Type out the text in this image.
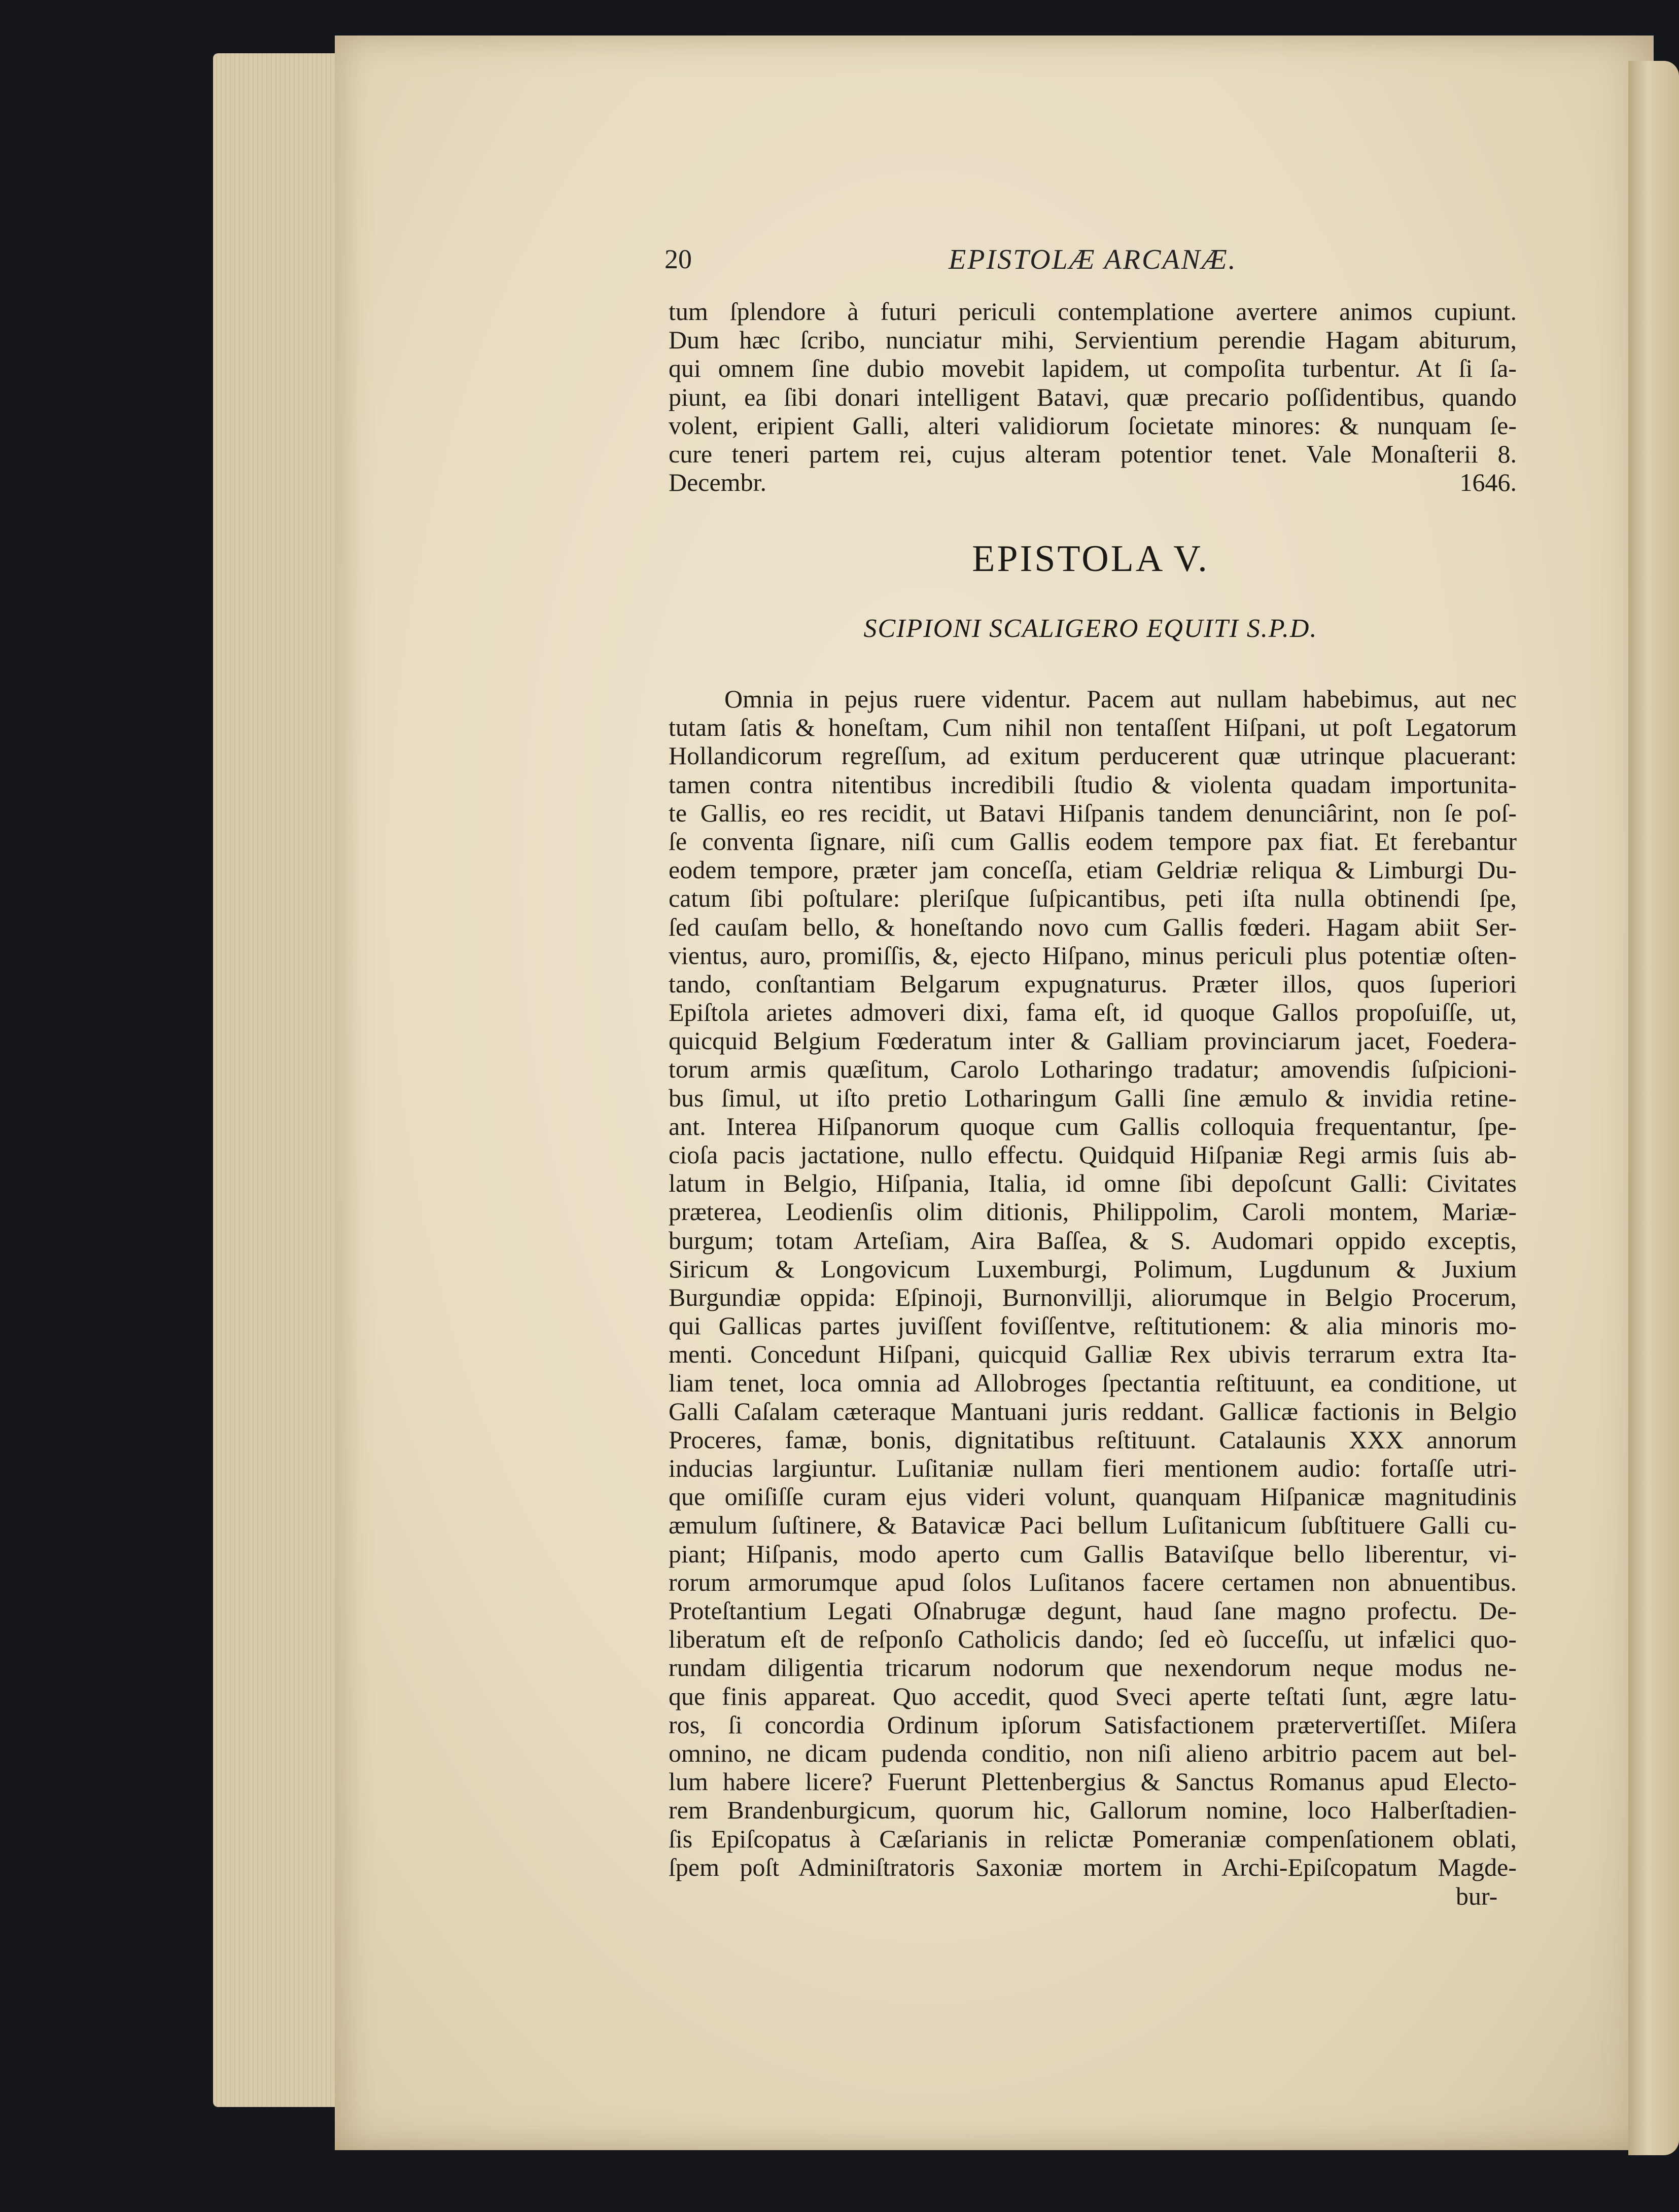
20	EPISTOLÆ ARCANÆ.
tum ſplendore à futuri periculi contemplatione avertere animos cupiunt.
Dum hæc ſcribo, nunciatur mihi, Servientium perendie Hagam abiturum,
qui omnem ſine dubio movebit lapidem, ut compoſita turbentur. At ſi ſa-
piunt, ea ſibi donari intelligent Batavi, quæ precario poſſidentibus, quando
volent, eripient Galli, alteri validiorum ſocietate minores: & nunquam ſe-
cure teneri partem rei, cujus alteram potentior tenet. Vale Monaſterii 8.
Decembr. 1646.
EPISTOLA V.
SCIPIONI SCALIGERO EQUITI S.P.D.
Omnia in pejus ruere videntur. Pacem aut nullam habebimus, aut nec
tutam ſatis & honeſtam, Cum nihil non tentaſſent Hiſpani, ut poſt Legatorum
Hollandicorum regreſſum, ad exitum perducerent quæ utrinque placuerant:
tamen contra nitentibus incredibili ſtudio & violenta quadam importunita-
te Gallis, eo res recidit, ut Batavi Hiſpanis tandem denunciârint, non ſe poſ-
ſe conventa ſignare, niſi cum Gallis eodem tempore pax fiat. Et ferebantur
eodem tempore, præter jam conceſſa, etiam Geldriæ reliqua & Limburgi Du-
catum ſibi poſtulare: pleriſque ſuſpicantibus, peti iſta nulla obtinendi ſpe,
ſed cauſam bello, & honeſtando novo cum Gallis fœderi. Hagam abiit Ser-
vientus, auro, promiſſis, &, ejecto Hiſpano, minus periculi plus potentiæ oſten-
tando, conſtantiam Belgarum expugnaturus. Præter illos, quos ſuperiori
Epiſtola arietes admoveri dixi, fama eſt, id quoque Gallos propoſuiſſe, ut,
quicquid Belgium Fœderatum inter & Galliam provinciarum jacet, Foedera-
torum armis quæſitum, Carolo Lotharingo tradatur; amovendis ſuſpicioni-
bus ſimul, ut iſto pretio Lotharingum Galli ſine æmulo & invidia retine-
ant. Interea Hiſpanorum quoque cum Gallis colloquia frequentantur, ſpe-
cioſa pacis jactatione, nullo effectu. Quidquid Hiſpaniæ Regi armis ſuis ab-
latum in Belgio, Hiſpania, Italia, id omne ſibi depoſcunt Galli: Civitates
præterea, Leodienſis olim ditionis, Philippolim, Caroli montem, Mariæ-
burgum; totam Arteſiam, Aira Baſſea, & S. Audomari oppido exceptis,
Siricum & Longovicum Luxemburgi, Polimum, Lugdunum & Juxium
Burgundiæ oppida: Eſpinoji, Burnonvillji, aliorumque in Belgio Procerum,
qui Gallicas partes juviſſent foviſſentve, reſtitutionem: & alia minoris mo-
menti. Concedunt Hiſpani, quicquid Galliæ Rex ubivis terrarum extra Ita-
liam tenet, loca omnia ad Allobroges ſpectantia reſtituunt, ea conditione, ut
Galli Caſalam cæteraque Mantuani juris reddant. Gallicæ factionis in Belgio
Proceres, famæ, bonis, dignitatibus reſtituunt. Catalaunis XXX annorum
inducias largiuntur. Luſitaniæ nullam fieri mentionem audio: fortaſſe utri-
que omiſiſſe curam ejus videri volunt, quanquam Hiſpanicæ magnitudinis
æmulum ſuſtinere, & Batavicæ Paci bellum Luſitanicum ſubſtituere Galli cu-
piant; Hiſpanis, modo aperto cum Gallis Bataviſque bello liberentur, vi-
rorum armorumque apud ſolos Luſitanos facere certamen non abnuentibus.
Proteſtantium Legati Oſnabrugæ degunt, haud ſane magno profectu. De-
liberatum eſt de reſponſo Catholicis dando; ſed eò ſucceſſu, ut infælici quo-
rundam diligentia tricarum nodorum que nexendorum neque modus ne-
que finis appareat. Quo accedit, quod Sveci aperte teſtati ſunt, ægre latu-
ros, ſi concordia Ordinum ipſorum Satisfactionem prætervertiſſet. Miſera
omnino, ne dicam pudenda conditio, non niſi alieno arbitrio pacem aut bel-
lum habere licere? Fuerunt Plettenbergius & Sanctus Romanus apud Electo-
rem Brandenburgicum, quorum hic, Gallorum nomine, loco Halberſtadien-
ſis Epiſcopatus à Cæſarianis in relictæ Pomeraniæ compenſationem oblati,
ſpem poſt Adminiſtratoris Saxoniæ mortem in Archi-Epiſcopatum Magde-
bur-
